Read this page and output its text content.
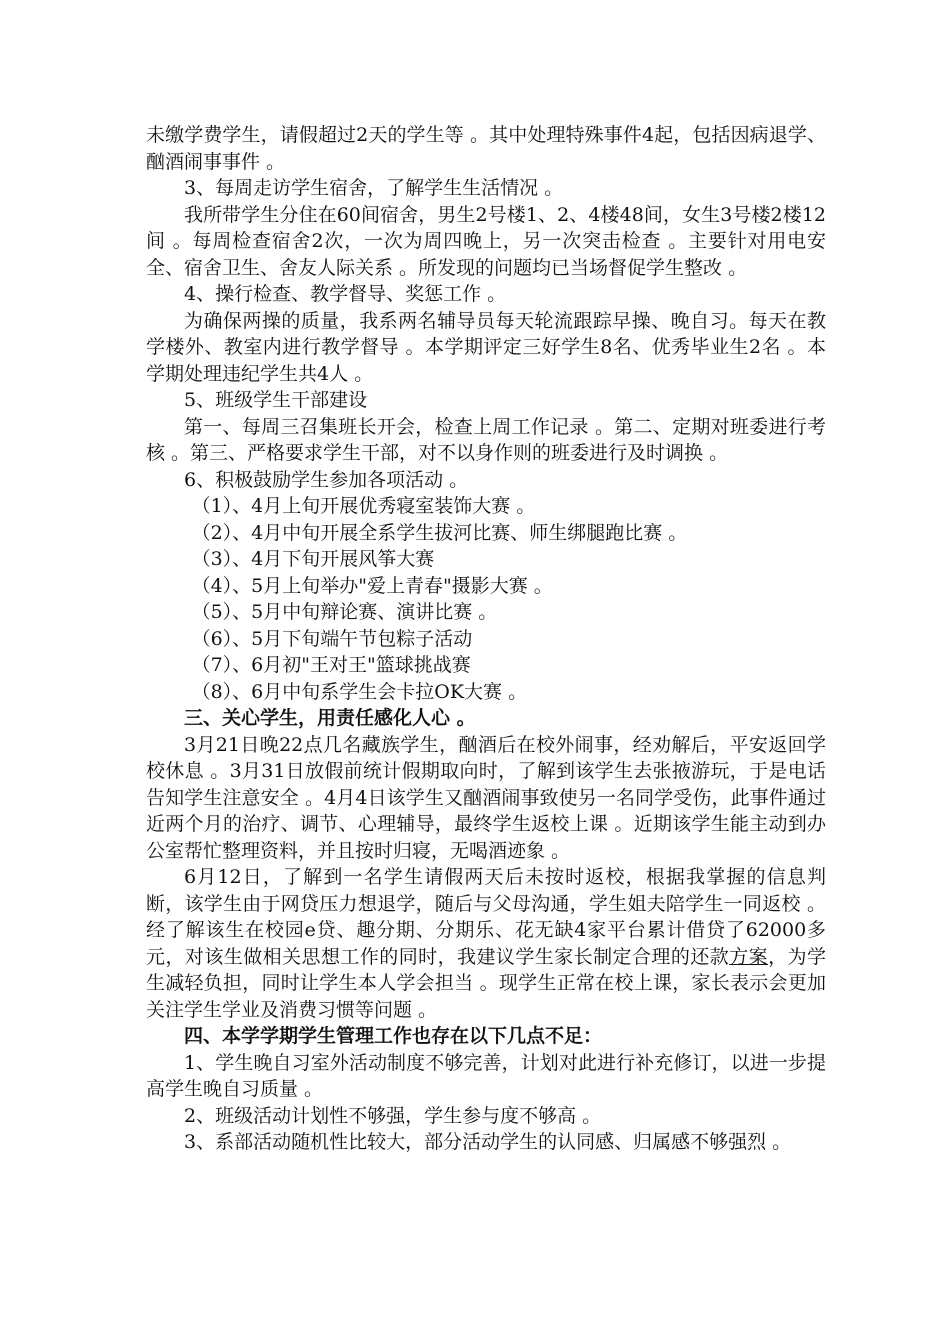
未缴学费学生，请假超过2天的学生等 。其中处理特殊事件4起，包括因病退学、酗酒闹事事件 。

3、每周走访学生宿舍，了解学生生活情况 。

我所带学生分住在60间宿舍，男生2号楼1、2、4楼48间，女生3号楼2楼12间 。每周检查宿舍2次，一次为周四晚上，另一次突击检查 。主要针对用电安全、宿舍卫生、舍友人际关系 。所发现的问题均已当场督促学生整改 。

4、操行检查、教学督导、奖惩工作 。

为确保两操的质量，我系两名辅导员每天轮流跟踪早操、晚自习。每天在教学楼外、教室内进行教学督导 。本学期评定三好学生8名、优秀毕业生2名 。本学期处理违纪学生共4人 。

5、班级学生干部建设

第一、每周三召集班长开会，检查上周工作记录 。第二、定期对班委进行考核 。第三、严格要求学生干部，对不以身作则的班委进行及时调换 。

6、积极鼓励学生参加各项活动 。

（1）、4月上旬开展优秀寝室装饰大赛 。

（2）、4月中旬开展全系学生拔河比赛、师生绑腿跑比赛 。

（3）、4月下旬开展风筝大赛

（4）、5月上旬举办"爱上青春"摄影大赛 。

（5）、5月中旬辩论赛、演讲比赛 。

（6）、5月下旬端午节包粽子活动

（7）、6月初"王对王"篮球挑战赛

（8）、6月中旬系学生会卡拉OK大赛 。

三、关心学生，用责任感化人心 。

3月21日晚22点几名藏族学生，酗酒后在校外闹事，经劝解后，平安返回学校休息 。3月31日放假前统计假期取向时，了解到该学生去张掖游玩，于是电话告知学生注意安全 。4月4日该学生又酗酒闹事致使另一名同学受伤，此事件通过近两个月的治疗、调节、心理辅导，最终学生返校上课 。近期该学生能主动到办公室帮忙整理资料，并且按时归寝，无喝酒迹象 。

6月12日，了解到一名学生请假两天后未按时返校，根据我掌握的信息判断，该学生由于网贷压力想退学，随后与父母沟通，学生姐夫陪学生一同返校 。经了解该生在校园e贷、趣分期、分期乐、花无缺4家平台累计借贷了62000多元，对该生做相关思想工作的同时，我建议学生家长制定合理的还款方案，为学生减轻负担，同时让学生本人学会担当 。现学生正常在校上课，家长表示会更加关注学生学业及消费习惯等问题 。

四、本学学期学生管理工作也存在以下几点不足：

1、学生晚自习室外活动制度不够完善，计划对此进行补充修订，以进一步提高学生晚自习质量 。

2、班级活动计划性不够强，学生参与度不够高 。

3、系部活动随机性比较大，部分活动学生的认同感、归属感不够强烈 。
